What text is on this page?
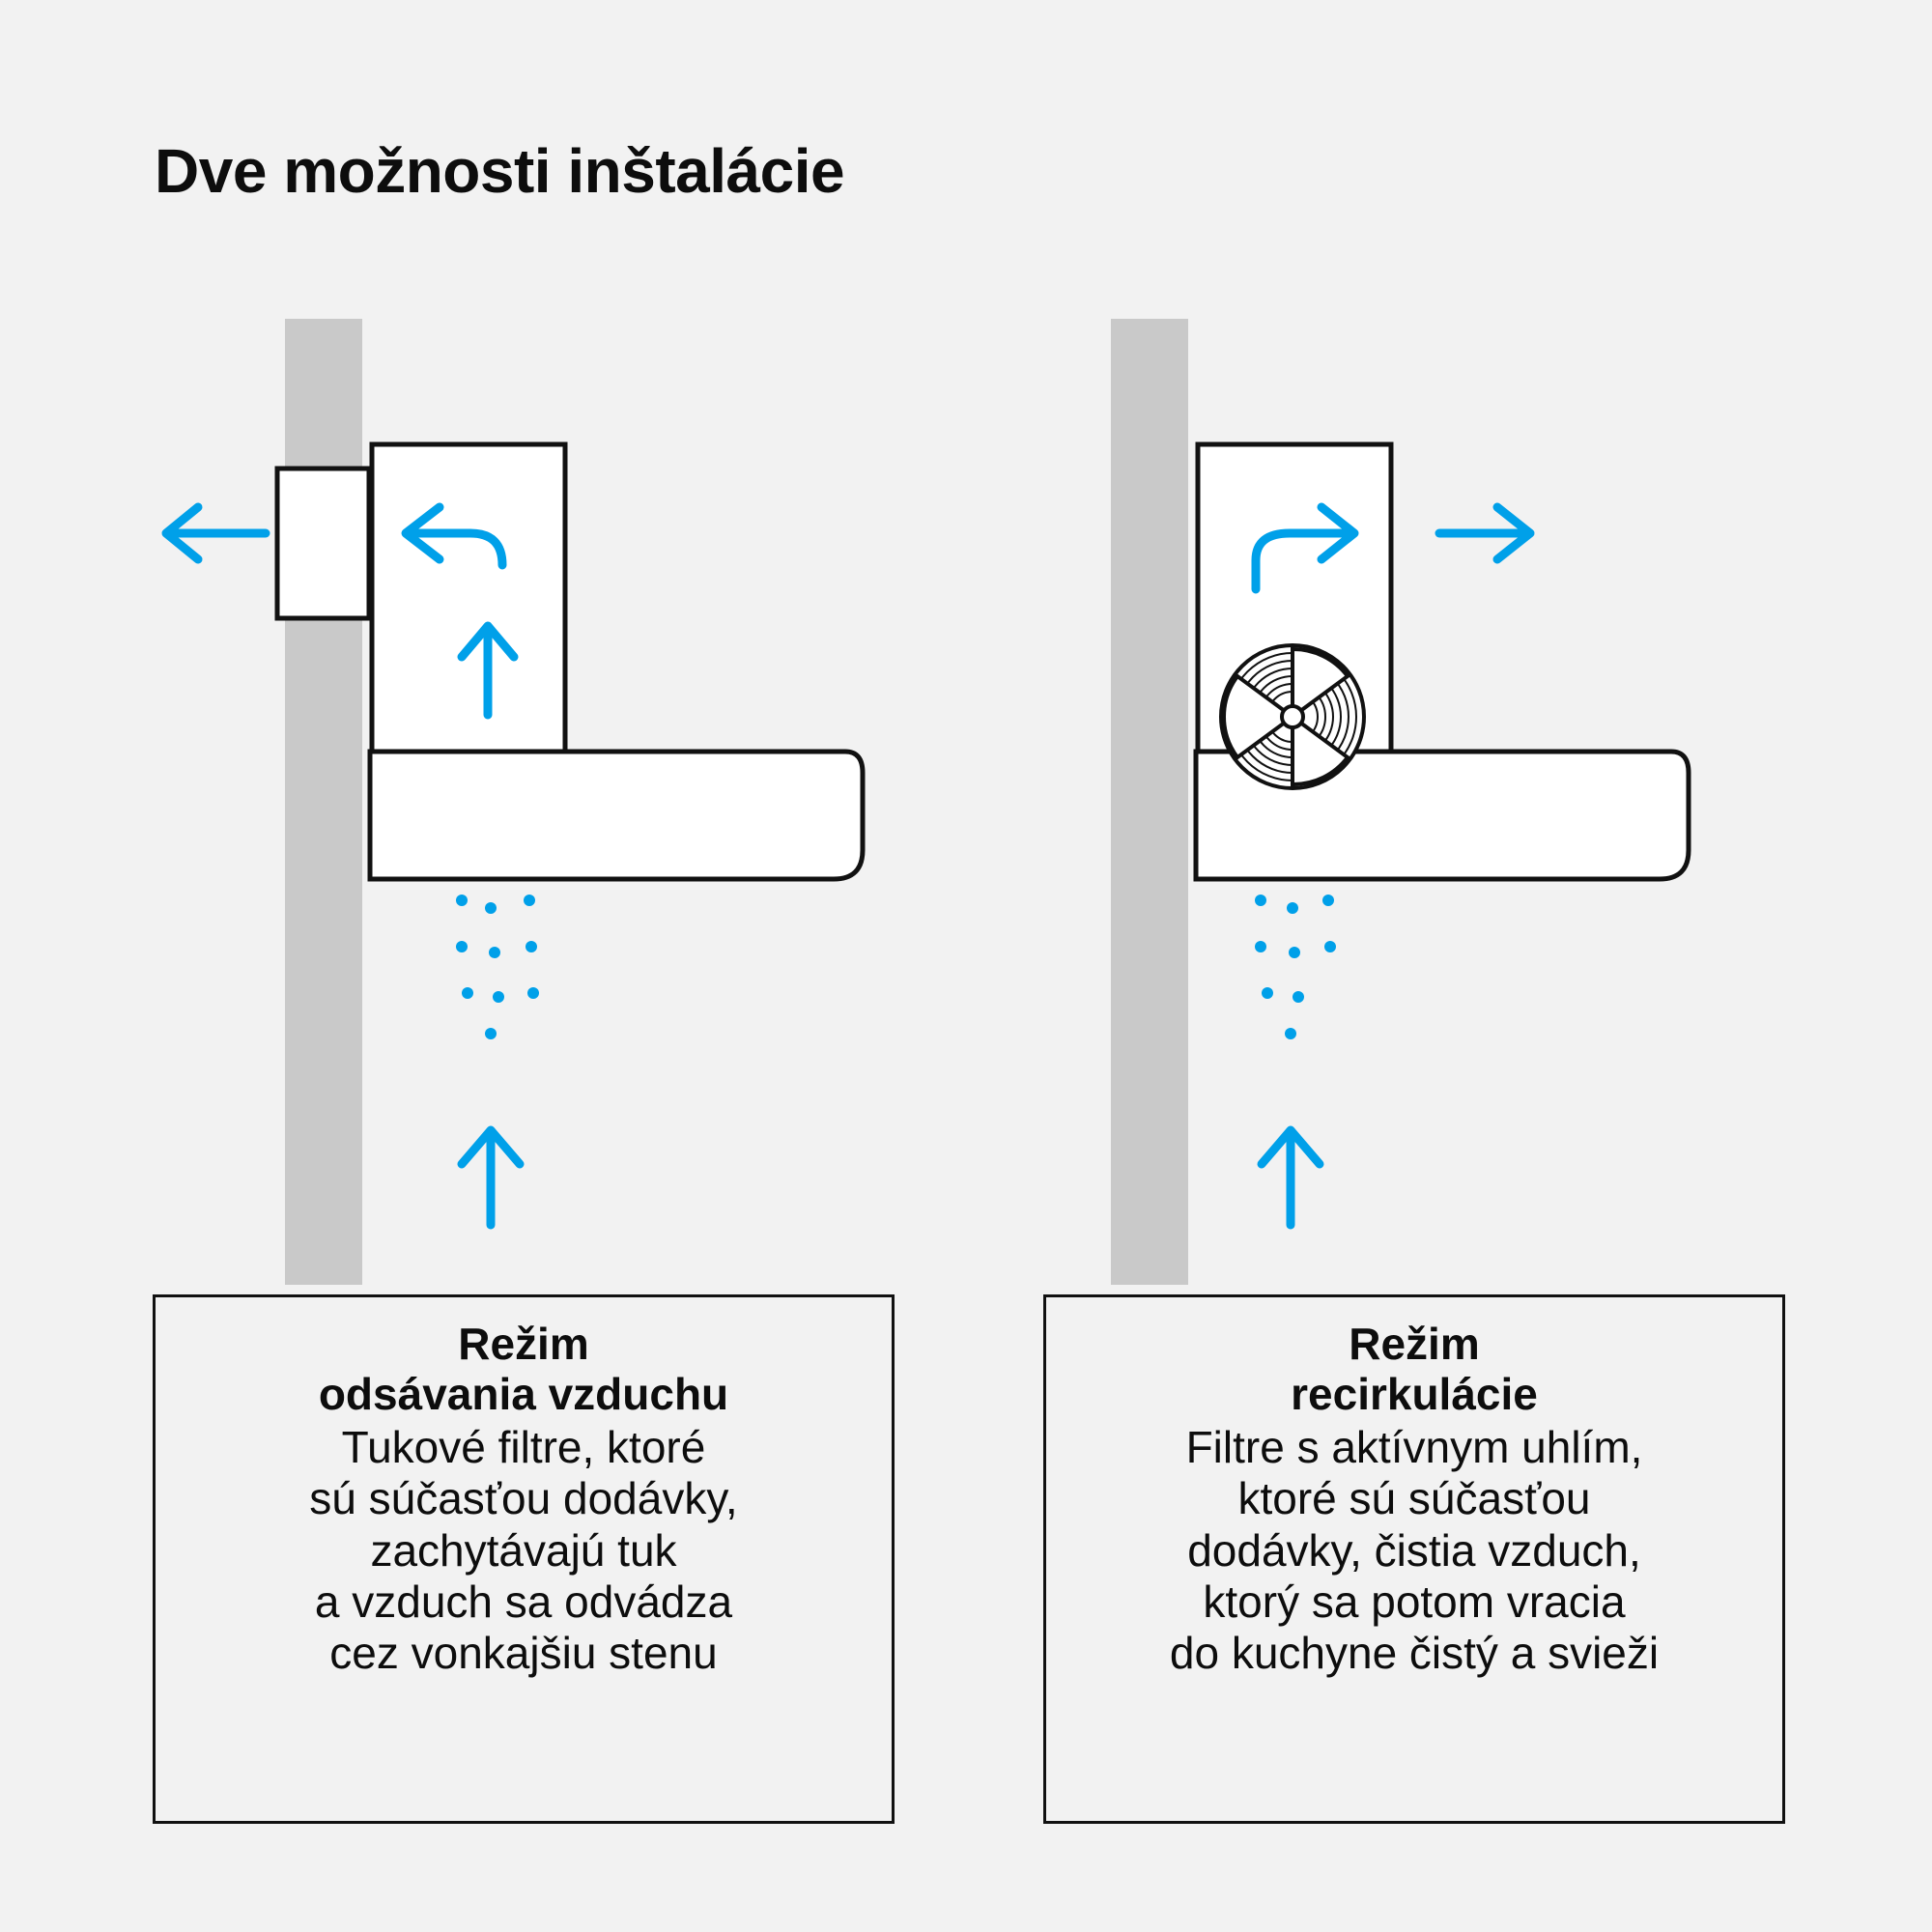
Dve možnosti inštalácie
Režim
odsávania vzduchu
Tukové filtre, ktoré
sú súčasťou dodávky,
zachytávajú tuk
a vzduch sa odvádza
cez vonkajšiu stenu
Režim
recirkulácie
Filtre s aktívnym uhlím,
ktoré sú súčasťou
dodávky, čistia vzduch,
ktorý sa potom vracia
do kuchyne čistý a svieži
